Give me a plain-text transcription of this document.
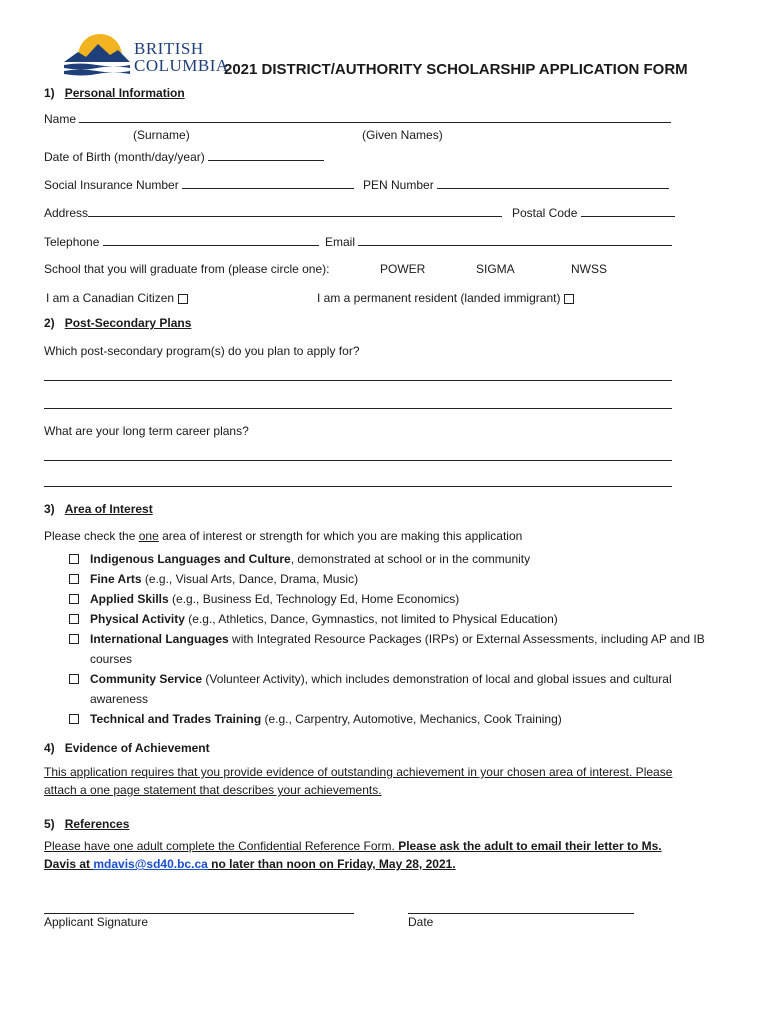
BRITISH
COLUMBIA
2021 DISTRICT/AUTHORITY SCHOLARSHIP APPLICATION FORM
1) Personal Information
Name
(Surname)	(Given Names)
Date of Birth (month/day/year)
Social Insurance Number	PEN Number
Address	Postal Code
Telephone	Email
School that you will graduate from (please circle one):	POWER	SIGMA	NWSS
I am a Canadian Citizen	I am a permanent resident (landed immigrant)
2) Post-Secondary Plans
Which post-secondary program(s) do you plan to apply for?
What are your long term career plans?
3) Area of Interest
Please check the one area of interest or strength for which you are making this application
Indigenous Languages and Culture, demonstrated at school or in the community
Fine Arts (e.g., Visual Arts, Dance, Drama, Music)
Applied Skills (e.g., Business Ed, Technology Ed, Home Economics)
Physical Activity (e.g., Athletics, Dance, Gymnastics, not limited to Physical Education)
International Languages with Integrated Resource Packages (IRPs) or External Assessments, including AP and IB
courses
Community Service (Volunteer Activity), which includes demonstration of local and global issues and cultural
awareness
Technical and Trades Training (e.g., Carpentry, Automotive, Mechanics, Cook Training)
4) Evidence of Achievement
This application requires that you provide evidence of outstanding achievement in your chosen area of interest. Please
attach a one page statement that describes your achievements.
5) References
Please have one adult complete the Confidential Reference Form. Please ask the adult to email their letter to Ms.
Davis at mdavis@sd40.bc.ca no later than noon on Friday, May 28, 2021.
Applicant Signature	Date
